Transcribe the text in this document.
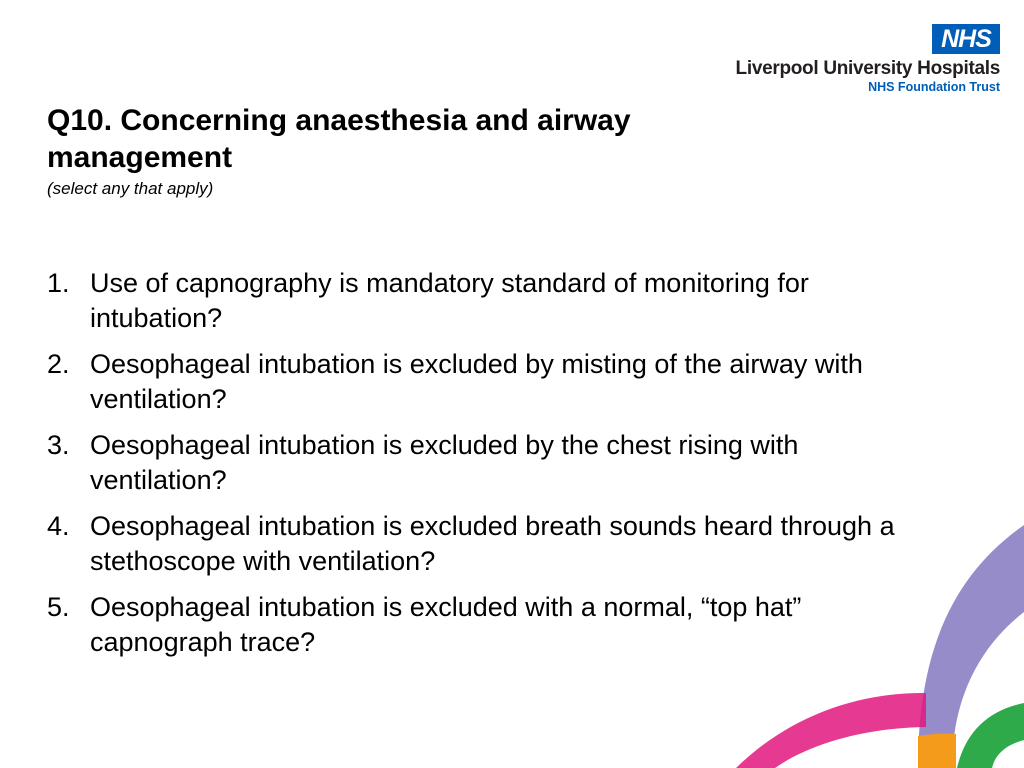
NHS
Liverpool University Hospitals
NHS Foundation Trust
Q10. Concerning anaesthesia and airway management
(select any that apply)
1. Use of capnography is mandatory standard of monitoring for intubation?
2. Oesophageal intubation is excluded by misting of the airway with ventilation?
3. Oesophageal intubation is excluded by the chest rising with ventilation?
4. Oesophageal intubation is excluded breath sounds heard through a stethoscope with ventilation?
5. Oesophageal intubation is excluded with a normal, “top hat” capnograph trace?
